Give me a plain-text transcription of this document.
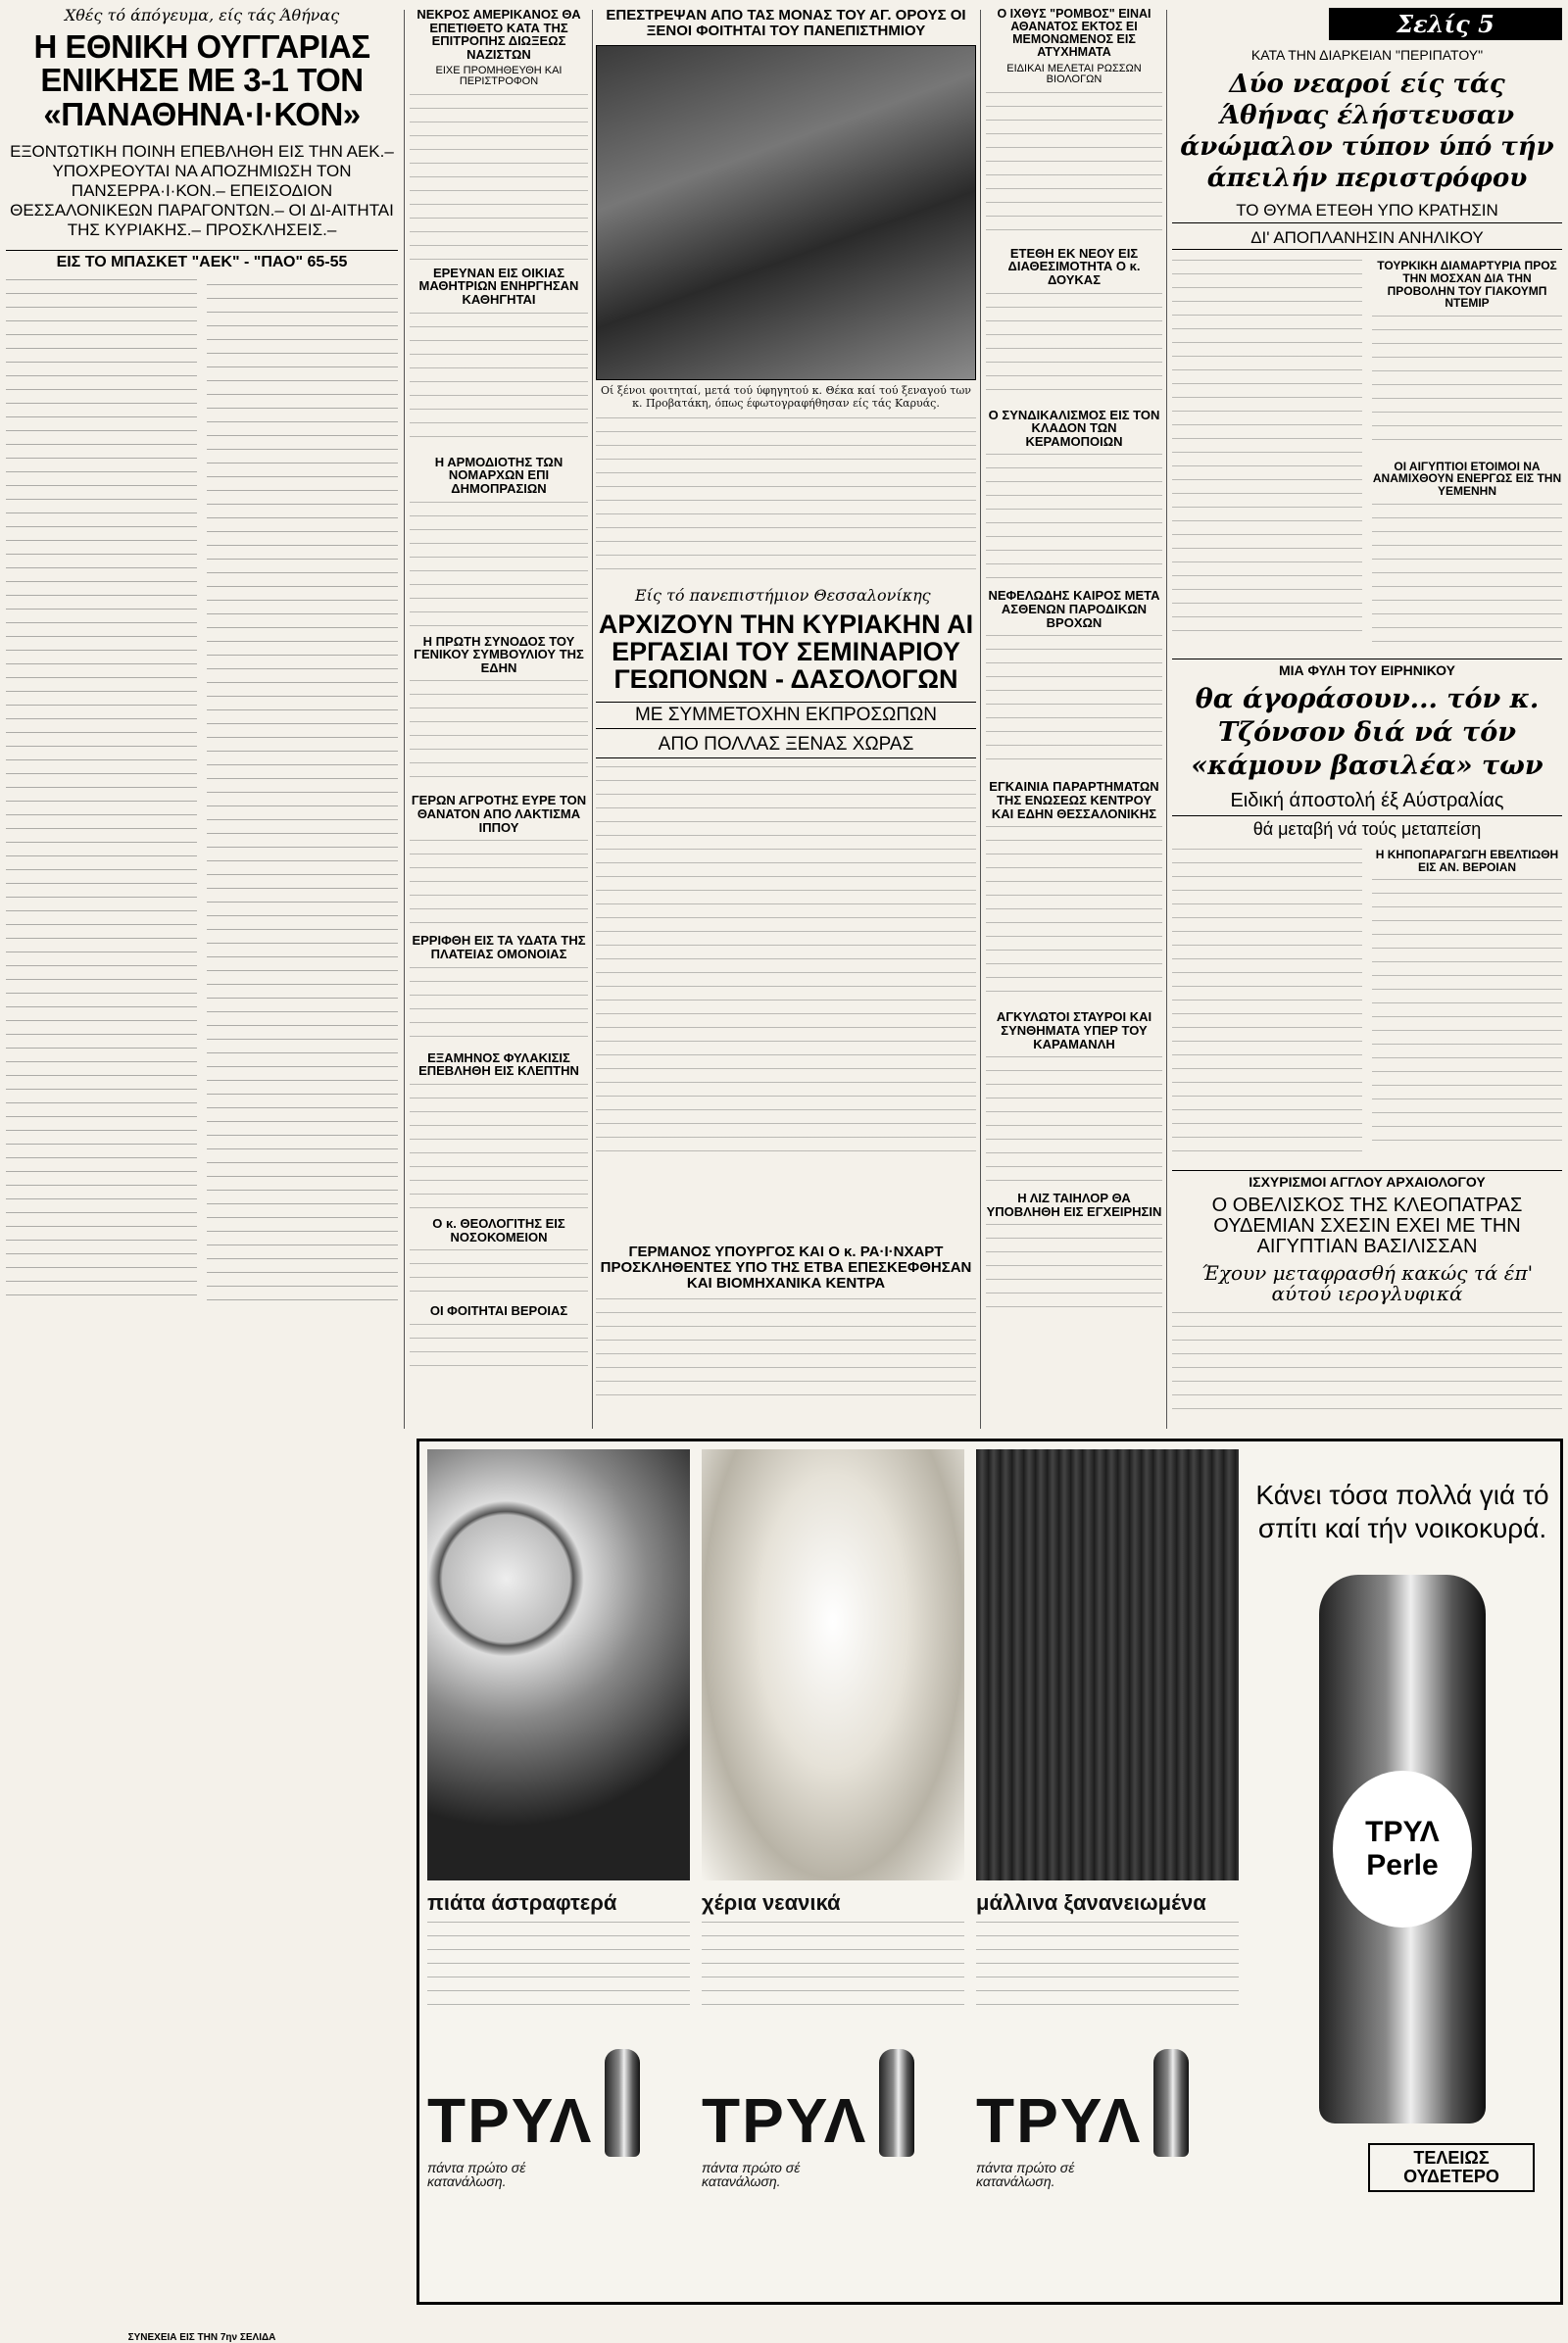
Χθές τό άπόγευμα, είς τάς Άθήνας
Η ΕΘΝΙΚΗ ΟΥΓΓΑΡΙΑΣ ΕΝΙΚΗΣΕ ΜΕ 3-1 ΤΟΝ «ΠΑΝΑΘΗΝΑ·Ι·ΚΟΝ»
ΕΞΟΝΤΩΤΙΚΗ ΠΟΙΝΗ ΕΠΕΒΛΗΘΗ ΕΙΣ ΤΗΝ ΑΕΚ.– ΥΠΟΧΡΕΟΥΤΑΙ ΝΑ ΑΠΟΖΗΜΙΩΣΗ ΤΟΝ ΠΑΝΣΕΡΡΑ·Ι·ΚΟΝ.– ΕΠΕΙΣΟΔΙΟΝ ΘΕΣΣΑΛΟΝΙΚΕΩΝ ΠΑΡΑΓΟΝΤΩΝ.– ΟΙ ΔΙ-ΑΙΤΗΤΑΙ ΤΗΣ ΚΥΡΙΑΚΗΣ.– ΠΡΟΣΚΛΗΣΕΙΣ.–
ΕΙΣ ΤΟ ΜΠΑΣΚΕΤ "ΑΕΚ" - "ΠΑΟ" 65-55
ΣΥΝΕΧΕΙΑ ΕΙΣ ΤΗΝ 7ην ΣΕΛΙΔΑ
ΝΕΚΡΟΣ ΑΜΕΡΙΚΑΝΟΣ ΘΑ ΕΠΕΤΙΘΕΤΟ ΚΑΤΑ ΤΗΣ ΕΠΙΤΡΟΠΗΣ ΔΙΩΞΕΩΣ ΝΑΖΙΣΤΩΝ
ΕΙΧΕ ΠΡΟΜΗΘΕΥΘΗ ΚΑΙ ΠΕΡΙΣΤΡΟΦΟΝ
ΕΡΕΥΝΑΝ ΕΙΣ ΟΙΚΙΑΣ ΜΑΘΗΤΡΙΩΝ ΕΝΗΡΓΗΣΑΝ ΚΑΘΗΓΗΤΑΙ
Η ΑΡΜΟΔΙΟΤΗΣ ΤΩΝ ΝΟΜΑΡΧΩΝ ΕΠΙ ΔΗΜΟΠΡΑΣΙΩΝ
Η ΠΡΩΤΗ ΣΥΝΟΔΟΣ ΤΟΥ ΓΕΝΙΚΟΥ ΣΥΜΒΟΥΛΙΟΥ ΤΗΣ ΕΔΗΝ
ΓΕΡΩΝ ΑΓΡΟΤΗΣ ΕΥΡΕ ΤΟΝ ΘΑΝΑΤΟΝ ΑΠΟ ΛΑΚΤΙΣΜΑ ΙΠΠΟΥ
ΕΡΡΙΦΘΗ ΕΙΣ ΤΑ ΥΔΑΤΑ ΤΗΣ ΠΛΑΤΕΙΑΣ ΟΜΟΝΟΙΑΣ
ΕΞΑΜΗΝΟΣ ΦΥΛΑΚΙΣΙΣ ΕΠΕΒΛΗΘΗ ΕΙΣ ΚΛΕΠΤΗΝ
Ο κ. ΘΕΟΛΟΓΙΤΗΣ ΕΙΣ ΝΟΣΟΚΟΜΕΙΟΝ
ΟΙ ΦΟΙΤΗΤΑΙ ΒΕΡΟΙΑΣ
ΕΠΕΣΤΡΕΨΑΝ ΑΠΟ ΤΑΣ ΜΟΝΑΣ ΤΟΥ ΑΓ. ΟΡΟΥΣ ΟΙ ΞΕΝΟΙ ΦΟΙΤΗΤΑΙ ΤΟΥ ΠΑΝΕΠΙΣΤΗΜΙΟΥ
Οί ξένοι φοιτηταί, μετά τού ύφηγητού κ. Θέκα καί τού ξεναγού των κ. Προβατάκη, όπως έφωτογραφήθησαν είς τάς Καρυάς.
Είς τό πανεπιστήμιον Θεσσαλονίκης
ΑΡΧΙΖΟΥΝ ΤΗΝ ΚΥΡΙΑΚΗΝ ΑΙ ΕΡΓΑΣΙΑΙ ΤΟΥ ΣΕΜΙΝΑΡΙΟΥ ΓΕΩΠΟΝΩΝ - ΔΑΣΟΛΟΓΩΝ
ΜΕ ΣΥΜΜΕΤΟΧΗΝ ΕΚΠΡΟΣΩΠΩΝ
ΑΠΟ ΠΟΛΛΑΣ ΞΕΝΑΣ ΧΩΡΑΣ
ΓΕΡΜΑΝΟΣ ΥΠΟΥΡΓΟΣ ΚΑΙ Ο κ. ΡΑ·Ι·ΝΧΑΡΤ ΠΡΟΣΚΛΗΘΕΝΤΕΣ ΥΠΟ ΤΗΣ ΕΤΒΑ ΕΠΕΣΚΕΦΘΗΣΑΝ ΚΑΙ ΒΙΟΜΗΧΑΝΙΚΑ ΚΕΝΤΡΑ
Ο ΙΧΘΥΣ "ΡΟΜΒΟΣ" ΕΙΝΑΙ ΑΘΑΝΑΤΟΣ ΕΚΤΟΣ ΕΙ ΜΕΜΟΝΩΜΕΝΟΣ ΕΙΣ ΑΤΥΧΗΜΑΤΑ
ΕΙΔΙΚΑΙ ΜΕΛΕΤΑΙ ΡΩΣΣΩΝ ΒΙΟΛΟΓΩΝ
ΕΤΕΘΗ ΕΚ ΝΕΟΥ ΕΙΣ ΔΙΑΘΕΣΙΜΟΤΗΤΑ Ο κ. ΔΟΥΚΑΣ
Ο ΣΥΝΔΙΚΑΛΙΣΜΟΣ ΕΙΣ ΤΟΝ ΚΛΑΔΟΝ ΤΩΝ ΚΕΡΑΜΟΠΟΙΩΝ
ΝΕΦΕΛΩΔΗΣ ΚΑΙΡΟΣ ΜΕΤΑ ΑΣΘΕΝΩΝ ΠΑΡΟΔΙΚΩΝ ΒΡΟΧΩΝ
ΕΓΚΑΙΝΙΑ ΠΑΡΑΡΤΗΜΑΤΩΝ ΤΗΣ ΕΝΩΣΕΩΣ ΚΕΝΤΡΟΥ ΚΑΙ ΕΔΗΝ ΘΕΣΣΑΛΟΝΙΚΗΣ
ΑΓΚΥΛΩΤΟΙ ΣΤΑΥΡΟΙ ΚΑΙ ΣΥΝΘΗΜΑΤΑ ΥΠΕΡ ΤΟΥ ΚΑΡΑΜΑΝΛΗ
Η ΛΙΖ ΤΑΙΗΛΟΡ ΘΑ ΥΠΟΒΛΗΘΗ ΕΙΣ ΕΓΧΕΙΡΗΣΙΝ
Σελίς 5
ΚΑΤΑ ΤΗΝ ΔΙΑΡΚΕΙΑΝ "ΠΕΡΙΠΑΤΟΥ"
Δύο νεαροί είς τάς Άθήνας έλήστευσαν άνώμαλον τύπον ύπό τήν άπειλήν περιστρόφου
ΤΟ ΘΥΜΑ ΕΤΕΘΗ ΥΠΟ ΚΡΑΤΗΣΙΝ
ΔΙ' ΑΠΟΠΛΑΝΗΣΙΝ ΑΝΗΛΙΚΟΥ
ΤΟΥΡΚΙΚΗ ΔΙΑΜΑΡΤΥΡΙΑ ΠΡΟΣ ΤΗΝ ΜΟΣΧΑΝ ΔΙΑ ΤΗΝ ΠΡΟΒΟΛΗΝ ΤΟΥ ΓΙΑΚΟΥΜΠ ΝΤΕΜΙΡ
ΟΙ ΑΙΓΥΠΤΙΟΙ ΕΤΟΙΜΟΙ ΝΑ ΑΝΑΜΙΧΘΟΥΝ ΕΝΕΡΓΩΣ ΕΙΣ ΤΗΝ ΥΕΜΕΝΗΝ
ΜΙΑ ΦΥΛΗ ΤΟΥ ΕΙΡΗΝΙΚΟΥ
θα άγοράσουν... τόν κ. Τζόνσον διά νά τόν «κάμουν βασιλέα» των
Ειδική άποστολή έξ Αύστραλίας
θά μεταβή νά τούς μεταπείση
Η ΚΗΠΟΠΑΡΑΓΩΓΗ ΕΒΕΛΤΙΩΘΗ ΕΙΣ ΑΝ. ΒΕΡΟΙΑΝ
ΙΣΧΥΡΙΣΜΟΙ ΑΓΓΛΟΥ ΑΡΧΑΙΟΛΟΓΟΥ
Ο ΟΒΕΛΙΣΚΟΣ ΤΗΣ ΚΛΕΟΠΑΤΡΑΣ ΟΥΔΕΜΙΑΝ ΣΧΕΣΙΝ ΕΧΕΙ ΜΕ ΤΗΝ ΑΙΓΥΠΤΙΑΝ ΒΑΣΙΛΙΣΣΑΝ
Έχουν μεταφρασθή κακώς τά έπ' αύτού ιερογλυφικά
πιάτα άστραφτερά
ΤΡΥΛ
πάντα πρώτο σέ κατανάλωση.
χέρια νεανικά
ΤΡΥΛ
πάντα πρώτο σέ κατανάλωση.
μάλλινα ξανανειωμένα
ΤΡΥΛ
πάντα πρώτο σέ κατανάλωση.
Κάνει τόσα πολλά γιά τό σπίτι καί τήν νοικοκυρά.
ΤΡΥΛ Perle
ΤΕΛΕΙΩΣ ΟΥΔΕΤΕΡΟ
